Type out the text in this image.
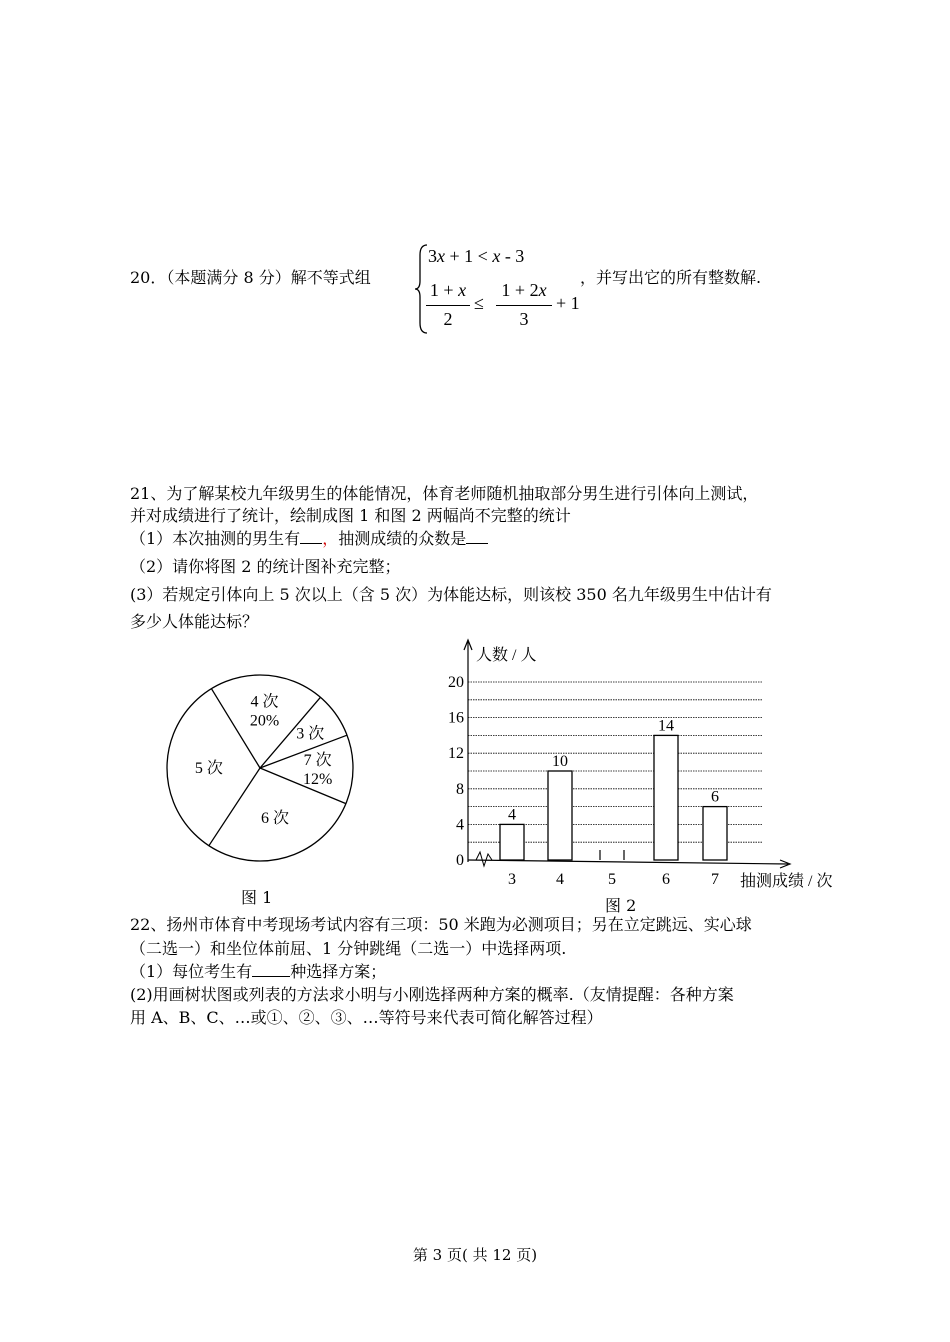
20．（本题满分 8 分）解不等式组
3x + 1 < x - 3
1 + x
2
≤
1 + 2x
3
+ 1
，并写出它的所有整数解.
21、为了解某校九年级男生的体能情况，体育老师随机抽取部分男生进行引体向上测试，
并对成绩进行了统计，绘制成图 1 和图 2 两幅尚不完整的统计
（1）本次抽测的男生有 ，抽测成绩的众数是
（2）请你将图 2 的统计图补充完整；
(3）若规定引体向上 5 次以上（含 5 次）为体能达标，则该校 350 名九年级男生中估计有
多少人体能达标？
4 次
20%
3 次
7 次
12%
6 次
5 次
图 1
人数 / 人
0
4
8
12
16
20
3
4
4
10
5	6
14
7
6
抽测成绩 / 次
图 2
22、扬州市体育中考现场考试内容有三项：50 米跑为必测项目；另在立定跳远、实心球
（二选一）和坐位体前屈、1 分钟跳绳（二选一）中选择两项.
（1）每位考生有 种选择方案；
(2)用画树状图或列表的方法求小明与小刚选择两种方案的概率.（友情提醒：各种方案
用 A、B、C、…或①、②、③、…等符号来代表可简化解答过程）
第 3 页( 共 12 页)
